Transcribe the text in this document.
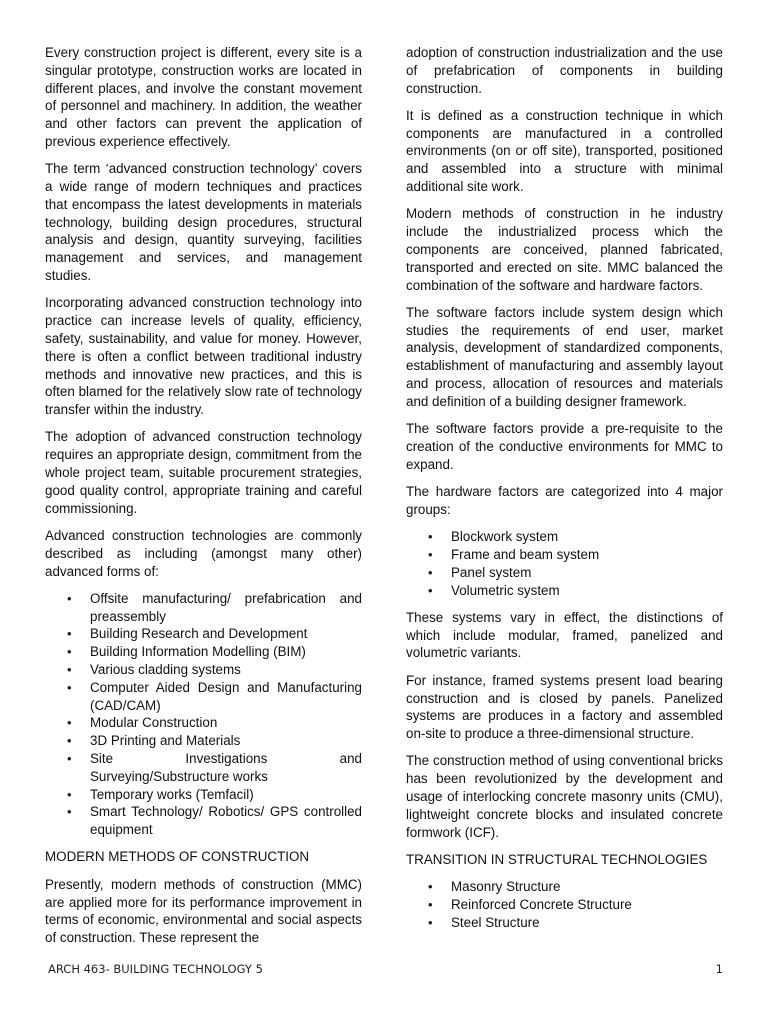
Every construction project is different, every site is a singular prototype, construction works are located in different places, and involve the constant movement of personnel and machinery. In addition, the weather and other factors can prevent the application of previous experience effectively.

The term ‘advanced construction technology’ covers a wide range of modern techniques and practices that encompass the latest developments in materials technology, building design procedures, structural analysis and design, quantity surveying, facilities management and services, and management studies.

Incorporating advanced construction technology into practice can increase levels of quality, efficiency, safety, sustainability, and value for money. However, there is often a conflict between traditional industry methods and innovative new practices, and this is often blamed for the relatively slow rate of technology transfer within the industry.

The adoption of advanced construction technology requires an appropriate design, commitment from the whole project team, suitable procurement strategies, good quality control, appropriate training and careful commissioning.

Advanced construction technologies are commonly described as including (amongst many other) advanced forms of:

• Offsite manufacturing/ prefabrication and preassembly
• Building Research and Development
• Building Information Modelling (BIM)
• Various cladding systems
• Computer Aided Design and Manufacturing (CAD/CAM)
• Modular Construction
• 3D Printing and Materials
• Site Investigations and Surveying/Substructure works
• Temporary works (Temfacil)
• Smart Technology/ Robotics/ GPS controlled equipment

MODERN METHODS OF CONSTRUCTION

Presently, modern methods of construction (MMC) are applied more for its performance improvement in terms of economic, environmental and social aspects of construction. These represent the

adoption of construction industrialization and the use of prefabrication of components in building construction.

It is defined as a construction technique in which components are manufactured in a controlled environments (on or off site), transported, positioned and assembled into a structure with minimal additional site work.

Modern methods of construction in he industry include the industrialized process which the components are conceived, planned fabricated, transported and erected on site. MMC balanced the combination of the software and hardware factors.

The software factors include system design which studies the requirements of end user, market analysis, development of standardized components, establishment of manufacturing and assembly layout and process, allocation of resources and materials and definition of a building designer framework.

The software factors provide a pre-requisite to the creation of the conductive environments for MMC to expand.

The hardware factors are categorized into 4 major groups:

• Blockwork system
• Frame and beam system
• Panel system
• Volumetric system

These systems vary in effect, the distinctions of which include modular, framed, panelized and volumetric variants.

For instance, framed systems present load bearing construction and is closed by panels. Panelized systems are produces in a factory and assembled on-site to produce a three-dimensional structure.

The construction method of using conventional bricks has been revolutionized by the development and usage of interlocking concrete masonry units (CMU), lightweight concrete blocks and insulated concrete formwork (ICF).

TRANSITION IN STRUCTURAL TECHNOLOGIES

• Masonry Structure
• Reinforced Concrete Structure
• Steel Structure
ARCH 463- BUILDING TECHNOLOGY 5	1
